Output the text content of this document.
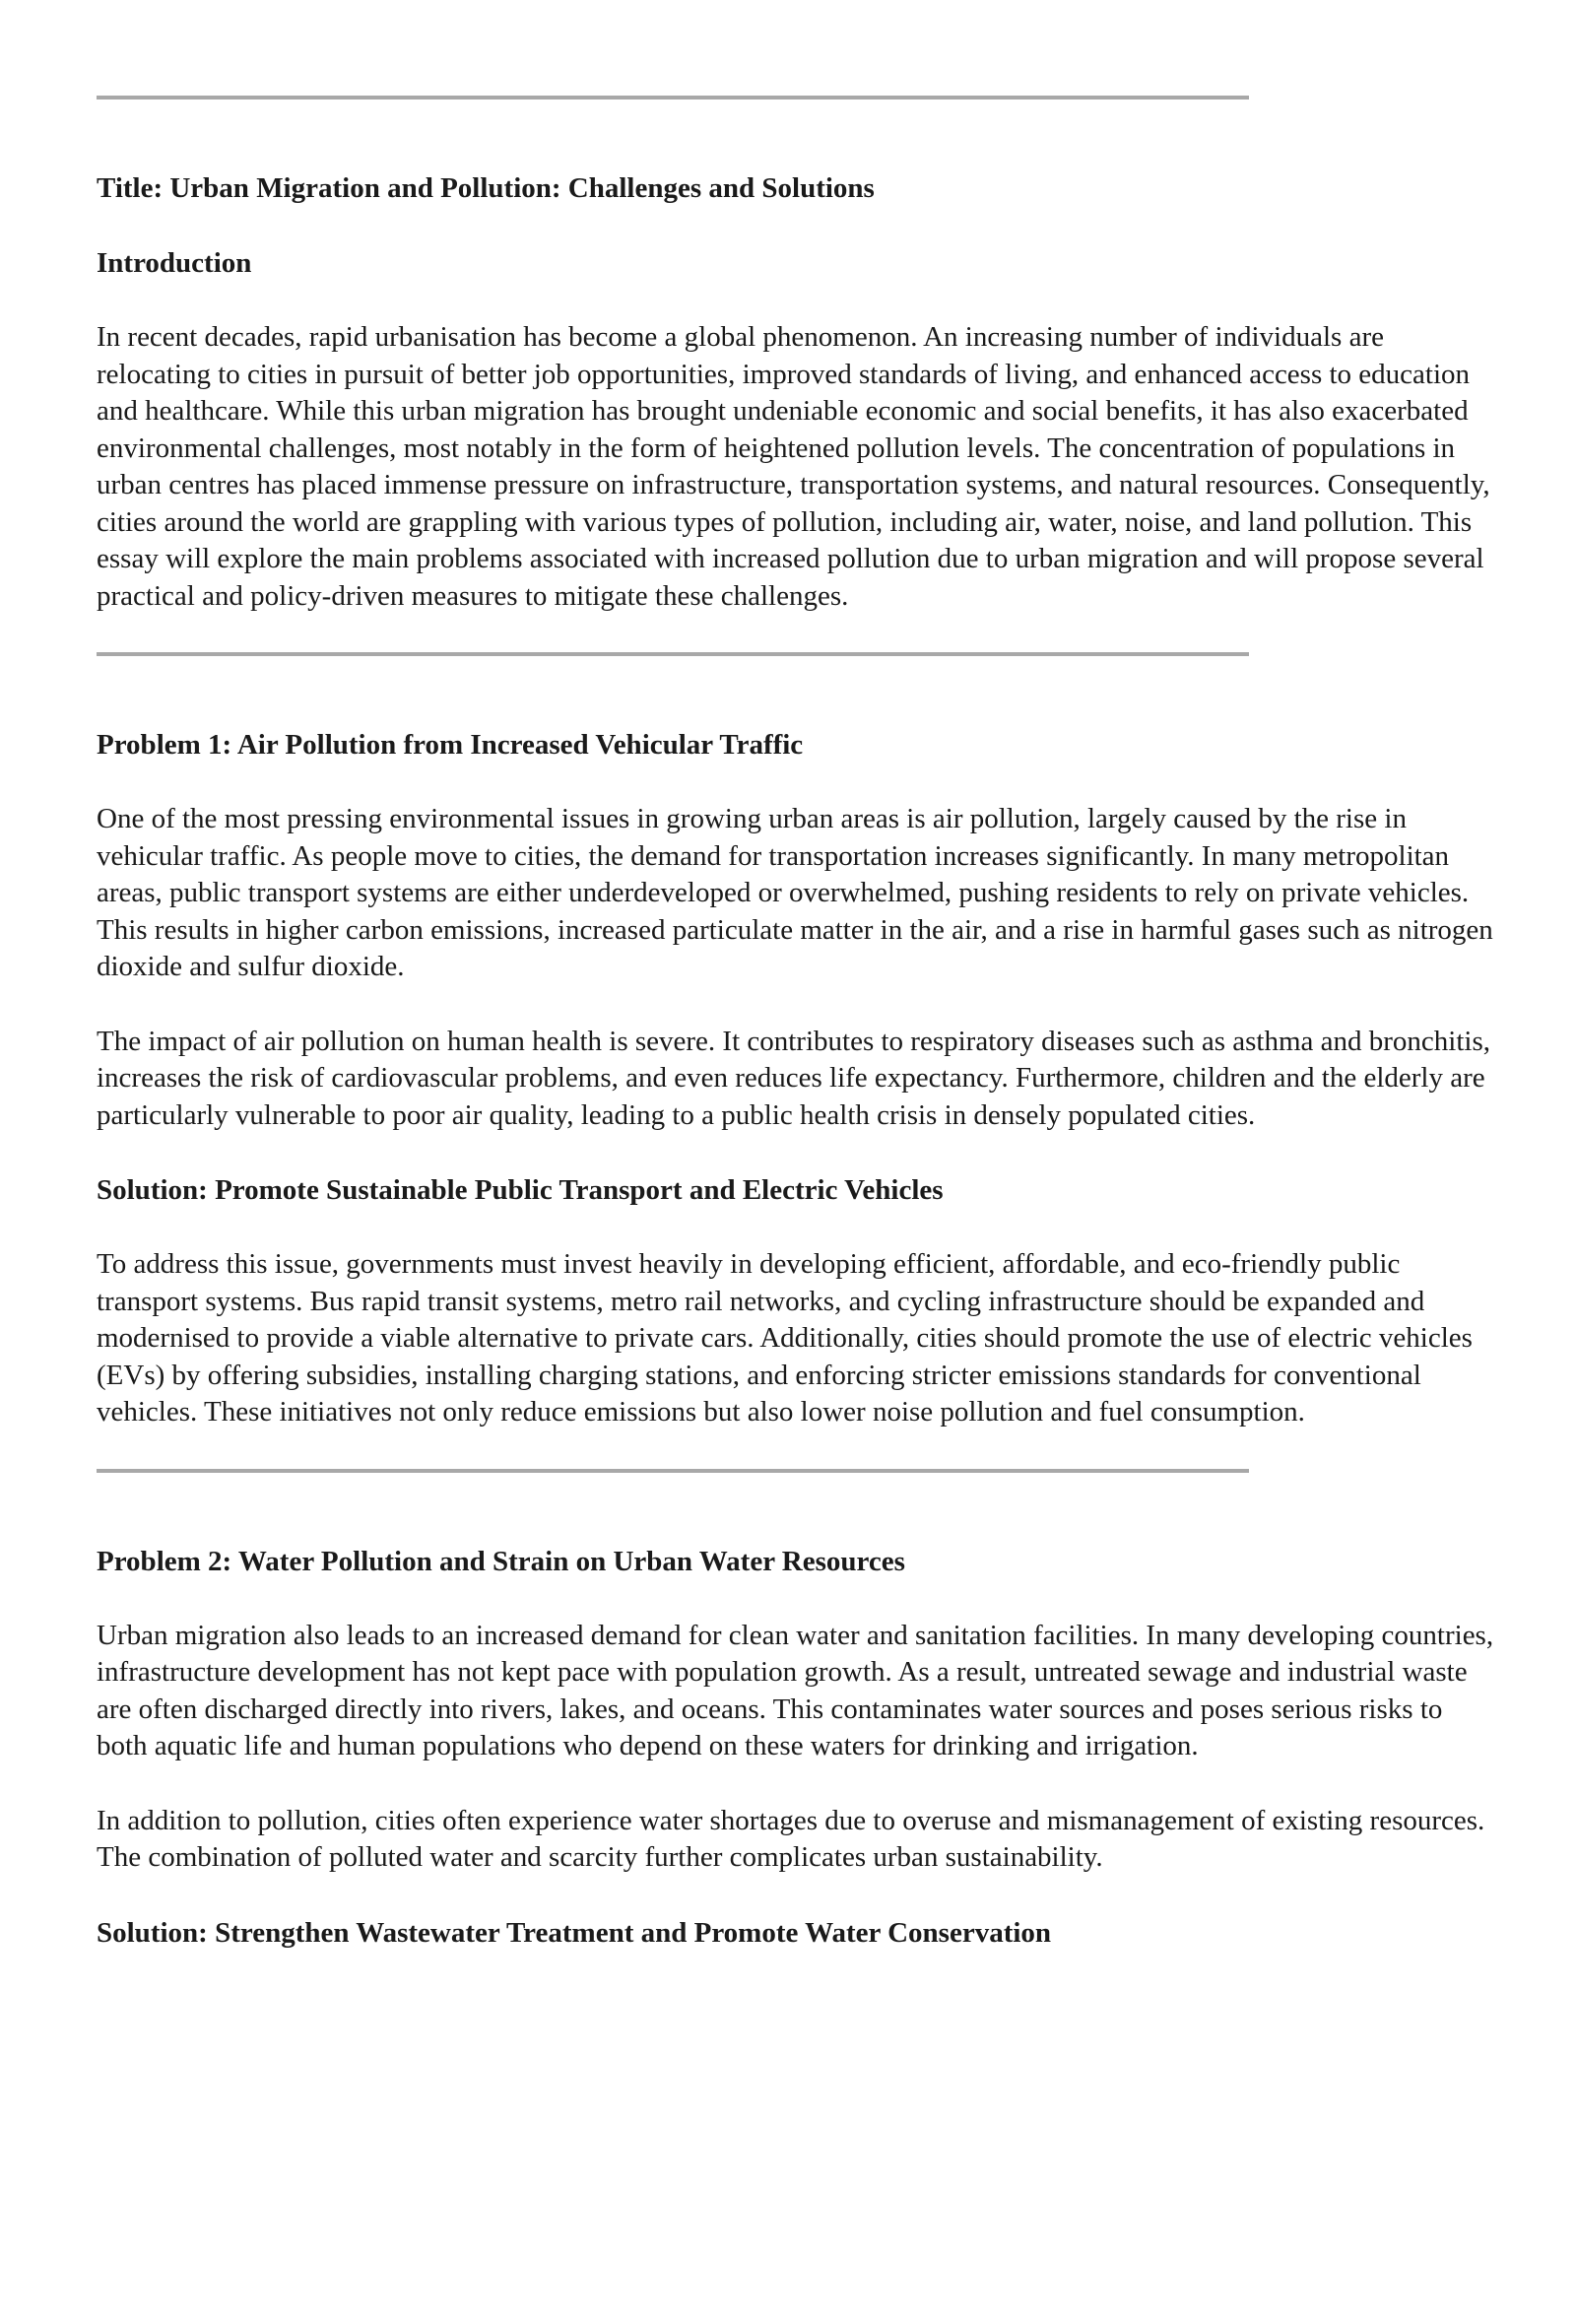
Title: Urban Migration and Pollution: Challenges and Solutions
Introduction

In recent decades, rapid urbanisation has become a global phenomenon. An increasing number of individuals are relocating to cities in pursuit of better job opportunities, improved standards of living, and enhanced access to education and healthcare. While this urban migration has brought undeniable economic and social benefits, it has also exacerbated environmental challenges, most notably in the form of heightened pollution levels. The concentration of populations in urban centres has placed immense pressure on infrastructure, transportation systems, and natural resources. Consequently, cities around the world are grappling with various types of pollution, including air, water, noise, and land pollution. This essay will explore the main problems associated with increased pollution due to urban migration and will propose several practical and policy-driven measures to mitigate these challenges.

Problem 1: Air Pollution from Increased Vehicular Traffic

One of the most pressing environmental issues in growing urban areas is air pollution, largely caused by the rise in vehicular traffic. As people move to cities, the demand for transportation increases significantly. In many metropolitan areas, public transport systems are either underdeveloped or overwhelmed, pushing residents to rely on private vehicles. This results in higher carbon emissions, increased particulate matter in the air, and a rise in harmful gases such as nitrogen dioxide and sulfur dioxide.

The impact of air pollution on human health is severe. It contributes to respiratory diseases such as asthma and bronchitis, increases the risk of cardiovascular problems, and even reduces life expectancy. Furthermore, children and the elderly are particularly vulnerable to poor air quality, leading to a public health crisis in densely populated cities.

Solution: Promote Sustainable Public Transport and Electric Vehicles

To address this issue, governments must invest heavily in developing efficient, affordable, and eco-friendly public transport systems. Bus rapid transit systems, metro rail networks, and cycling infrastructure should be expanded and modernised to provide a viable alternative to private cars. Additionally, cities should promote the use of electric vehicles (EVs) by offering subsidies, installing charging stations, and enforcing stricter emissions standards for conventional vehicles. These initiatives not only reduce emissions but also lower noise pollution and fuel consumption.

Problem 2: Water Pollution and Strain on Urban Water Resources

Urban migration also leads to an increased demand for clean water and sanitation facilities. In many developing countries, infrastructure development has not kept pace with population growth. As a result, untreated sewage and industrial waste are often discharged directly into rivers, lakes, and oceans. This contaminates water sources and poses serious risks to both aquatic life and human populations who depend on these waters for drinking and irrigation.

In addition to pollution, cities often experience water shortages due to overuse and mismanagement of existing resources. The combination of polluted water and scarcity further complicates urban sustainability.

Solution: Strengthen Wastewater Treatment and Promote Water Conservation
